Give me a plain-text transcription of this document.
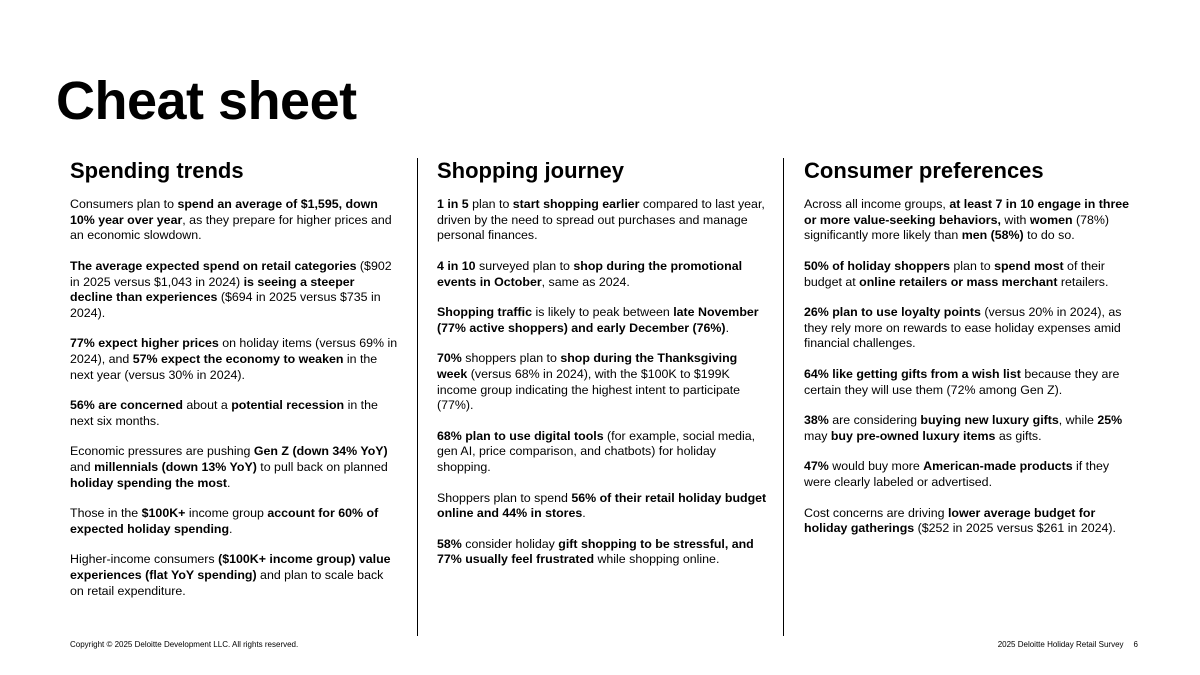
Cheat sheet
Spending trends

Consumers plan to spend an average of $1,595, down 10% year over year, as they prepare for higher prices and an economic slowdown.

The average expected spend on retail categories ($902 in 2025 versus $1,043 in 2024) is seeing a steeper decline than experiences ($694 in 2025 versus $735 in 2024).

77% expect higher prices on holiday items (versus 69% in 2024), and 57% expect the economy to weaken in the next year (versus 30% in 2024).

56% are concerned about a potential recession in the next six months.

Economic pressures are pushing Gen Z (down 34% YoY) and millennials (down 13% YoY) to pull back on planned holiday spending the most.

Those in the $100K+ income group account for 60% of expected holiday spending.

Higher-income consumers ($100K+ income group) value experiences (flat YoY spending) and plan to scale back on retail expenditure.

Shopping journey

1 in 5 plan to start shopping earlier compared to last year, driven by the need to spread out purchases and manage personal finances.

4 in 10 surveyed plan to shop during the promotional events in October, same as 2024.

Shopping traffic is likely to peak between late November (77% active shoppers) and early December (76%).

70% shoppers plan to shop during the Thanksgiving week (versus 68% in 2024), with the $100K to $199K income group indicating the highest intent to participate (77%).

68% plan to use digital tools (for example, social media, gen AI, price comparison, and chatbots) for holiday shopping.

Shoppers plan to spend 56% of their retail holiday budget online and 44% in stores.

58% consider holiday gift shopping to be stressful, and 77% usually feel frustrated while shopping online.

Consumer preferences

Across all income groups, at least 7 in 10 engage in three or more value-seeking behaviors, with women (78%) significantly more likely than men (58%) to do so.

50% of holiday shoppers plan to spend most of their budget at online retailers or mass merchant retailers.

26% plan to use loyalty points (versus 20% in 2024), as they rely more on rewards to ease holiday expenses amid financial challenges.

64% like getting gifts from a wish list because they are certain they will use them (72% among Gen Z).

38% are considering buying new luxury gifts, while 25% may buy pre-owned luxury items as gifts.

47% would buy more American-made products if they were clearly labeled or advertised.

Cost concerns are driving lower average budget for holiday gatherings ($252 in 2025 versus $261 in 2024).

Copyright © 2025 Deloitte Development LLC. All rights reserved.	2025 Deloitte Holiday Retail Survey 6
